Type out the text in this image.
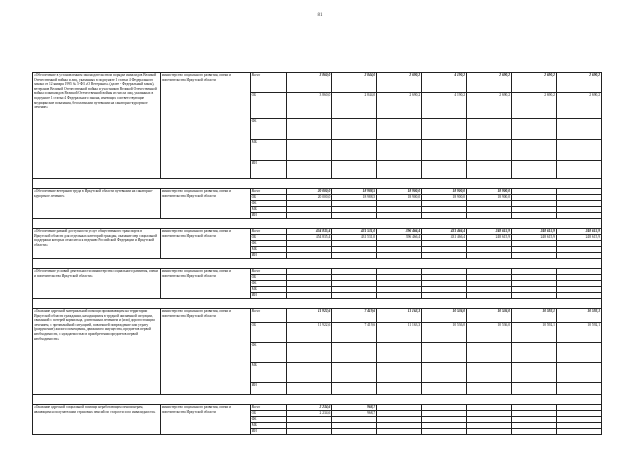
81
«Обеспечение в установленном законодательством порядке инвалидов Великой Отечественной войны и лиц, указанных в подпункте 1 статьи 4 Федерального закона от 12 января 1995 № 5-ФЗ «О Ветеранах» (далее - Федеральный закон), ветеранов Великой Отечественной войны и участников Великой Отечественной войны и инвалидов Великой Отечественной войны из числа лиц, указанных в подпункте 1 статьи 4 Федерального закона, имеющих соответствующие медицинские показания, бесплатными путевками на санаторно-курортное лечение»	министерство социального развития, опеки и попечительства Иркутской области	Всего	3 860,0	2 844,0	2 690,2	4 190,2	2 690,2	2 690,2	2 690,2
		ОБ	3 860,0	2 844,0	2 690,2	4 190,2	2 690,2	2 690,2	2 690,2
		ФБ							
		МБ							
		ИИ							

«Обеспечение ветеранов труда в Иркутской области путевками на санаторно-курортное лечение»	министерство социального развития, опеки и попечительства Иркутской области	Всего	20 000,0	18 988,5	18 900,0	18 900,0	18 900,0		
		ОБ	20 000,0	18 988,5	18 900,0	18 900,0	18 900,0		
		ФБ							
		МБ							
		ИИ							

«Обеспечение равной доступности услуг общественного транспорта в Иркутской области для отдельных категорий граждан, оказание мер социальной поддержки которых относится к ведению Российской Федерации и Иркутской области»	министерство социального развития, опеки и попечительства Иркутской области	Всего	454 835,4	431 531,0	396 466,4	431 466,4	248 615,9	248 615,9	248 615,9
		ОБ	454 835,4	431 531,0	396 466,4	431 466,4	248 615,9	248 615,9	248 615,9
		ФБ							
		МБ							
		ИИ							

«Обеспечение условий деятельности министерства социального развития, опеки и попечительства Иркутской области»	министерство социального развития, опеки и попечительства Иркутской области	Всего							
		ОБ							
		ФБ							
		МБ							
		ИИ							

«Оказание адресной материальной помощи проживающим на территории Иркутской области гражданам, находящимся в трудной жизненной ситуации, связанной с потерей кормильца, длительным лечением и (или) дорогостоящим лечением, с чрезвычайной ситуацией, повлекшей повреждение или утрату (разрушение) жилого помещения, движимого имущества, предметов первой необходимости, с нуждаемостью в приобретении предметов первой необходимости»	министерство социального развития, опеки и попечительства Иркутской области	Всего	11 922,6	7 419,6	11 163,3	10 536,0	10 536,0	10 592,1	10 592,1
		ОБ	11 922,6	7 419,6	11 163,3	10 536,0	10 536,0	10 592,1	10 592,1
		ФБ							
		МБ							
		ИИ							

«Оказание адресной социальной помощи неработающим пенсионерам, являющимся получателями страховых пенсий по старости и по инвалидности»	министерство социального развития, опеки и попечительства Иркутской области	Всего	2 234,6	968,7					
		ОБ	2 234,6	968,7					
		ФБ							
		МБ							
		ИИ							
